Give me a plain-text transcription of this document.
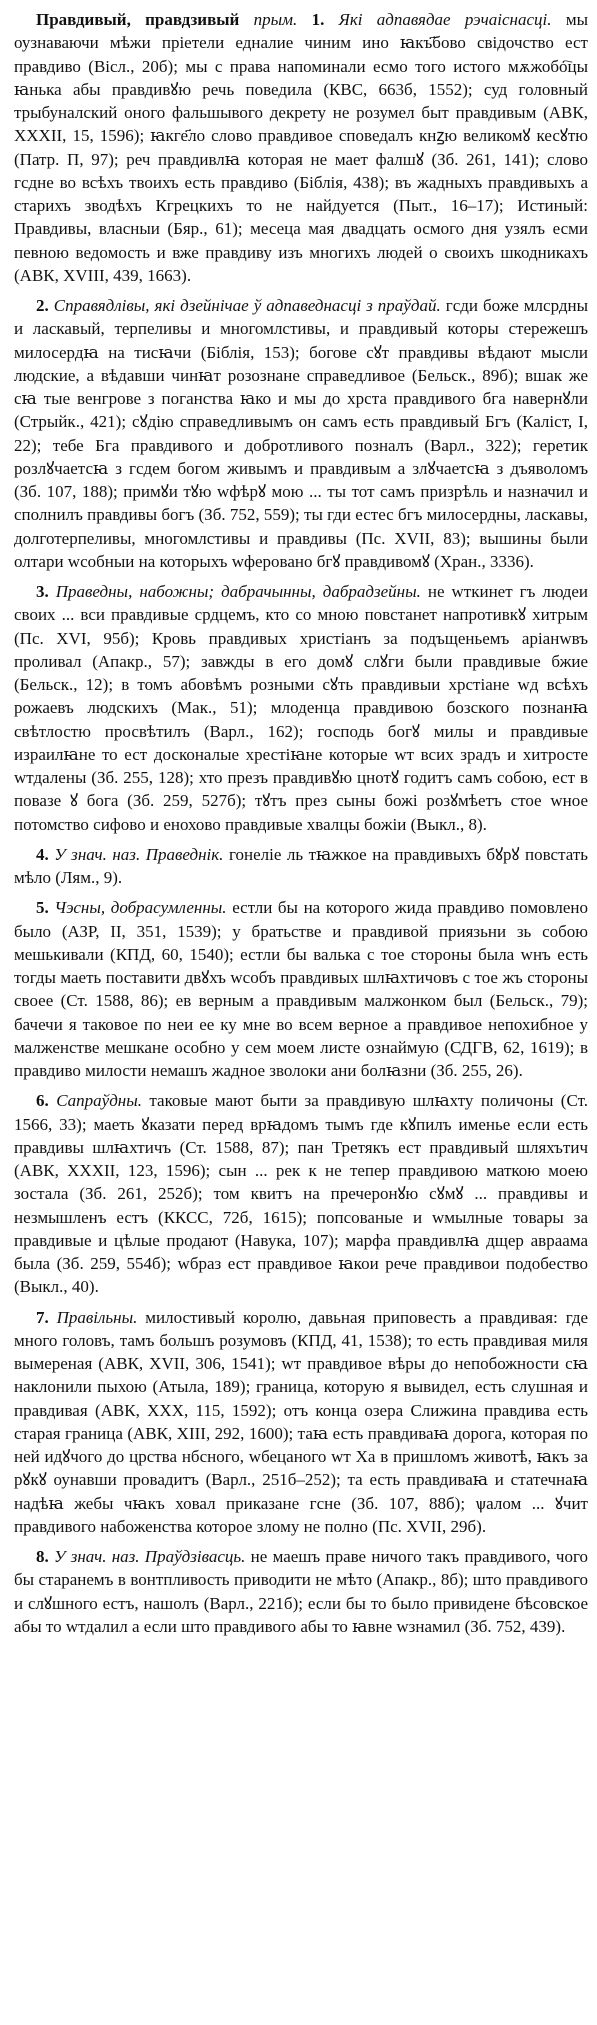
Правдивый, правдзивый прым. 1. Які адпавядае рэчаіснасці. мы оузнаваючи мѣжи прiетели едналие чиним ино ꙗкъ҃бово свідочство ест правдиво (Вісл., 20б); мы с права напоминали есмо того истого мѫжобо҇цы ꙗнька абы правдивꙋю речь поведила (КВС, 663б, 1552); суд головный трыбуналский оного фальшывого декрету не розумел быт правдивым (АВК, XXXII, 15, 1596); ꙗкге҃ло слово правдивое споведалъ кнꙁю великомꙋ кесꙋтю (Патр. П, 97); реч правдивлꙗ которая не мает фалшꙋ (Зб. 261, 141); слово гсдне во всѣхъ твоихъ есть правдиво (Біблія, 438); въ жадныхъ правдивыхъ а старихъ зводѣхъ Кгрецкихъ то не найдуется (Пыт., 16–17); Истиный: Правдивы, власныи (Бяр., 61); месеца мая двадцать осмого дня узялъ есми певною ведомость и вже правдиву изъ многихъ людей о своихъ шкодникахъ (АВК, XVIII, 439, 1663).

2. Справядлівы, які дзейнічае ў адпаведнасці з праўдай. гсди боже млсрдны и ласкавый, терпеливы и многомлстивы, и правдивый которы стережешъ милосердꙗ на тисꙗчи (Біблія, 153); богове сꙋт правдивы вѣдают мысли людские, а вѣдавши чинꙗт розознане справедливое (Бельск., 89б); вшак же сꙗ тые венгрове з поганства ꙗко и мы до хрста правдивого бга навернꙋли (Стрыйк., 421); сꙋдію справедливымъ он самъ есть правдивый Бгъ (Каліст, I, 22); тебе Бга правдивого и добротливого позналъ (Варл., 322); геретик розлꙋчаетсꙗ з гсдем богом живымъ и правдивым а злꙋчаетсꙗ з дъяволомъ (Зб. 107, 188); примꙋи тꙋю wфѣрꙋ мою ... ты тот самъ призрѣль и назначил и сполнилъ правдивы богъ (Зб. 752, 559); ты гди естес бгъ милосердны, ласкавы, долготерпеливы, многомлстивы и правдивы (Пс. XVII, 83); вышины были олтари wсобныи на которыхъ wферовано бгꙋ правдивомꙋ (Хран., 3336).

3. Праведны, набожны; дабрачынны, дабрадзейны. не wткинет гъ людеи своих ... вси правдивые срдцемъ, кто со мною повстанет напротивкꙋ хитрым (Пс. XVI, 95б); Кровь правдивых христіанъ за подъщеньемъ аріанwвъ проливал (Апакр., 57); завжды в его домꙋ слꙋги были правдивые бжие (Бельск., 12); в томъ абовѣмъ розными сꙋть правдивыи хрстіане wд всѣхъ рожаевъ людскихъ (Мак., 51); млоденца правдивою бозского познанꙗ свѣтлостю просвѣтилъ (Варл., 162); господь богꙋ милы и правдивые израилꙗне то ест досконалые хрестіꙗне которые wт всих зрадъ и хитросте wтдалены (Зб. 255, 128); хто презъ правдивꙋю цнотꙋ годитъ самъ собою, ест в повазе ꙋ бога (Зб. 259, 527б); тꙋтъ през сыны божі розꙋмѣетъ стое wное потомство сифово и енохово правдивые хвалцы божіи (Выкл., 8).

4. У знач. наз. Праведнік. гонеліе ль тꙗжкое на правдивыхъ бꙋрꙋ повстать мѣло (Лям., 9).

5. Чэсны, добрасумленны. естли бы на которого жида правдиво помовлено было (АЗР, II, 351, 1539); у братьстве и правдивой приязьни зь собою мешькивали (КПД, 60, 1540); естли бы валька с тое стороны была wнъ есть тогды маеть поставити двꙋхъ wсобъ правдивых шлꙗхтичовъ с тое жъ стороны своее (Ст. 1588, 86); ев верным а правдивым малжонком был (Бельск., 79); бачечи я таковое по неи ее ку мне во всем верное а правдивое непохибное у малженстве мешкане особно у сем моем листе ознаймую (СДГВ, 62, 1619); в правдиво милости немашъ жадное зволоки ани болꙗзни (Зб. 255, 26).

6. Сапраўдны. таковые мают быти за правдивую шлꙗхту поличоны (Ст. 1566, 33); маеть ꙋказати перед врꙗдомъ тымъ где кꙋпилъ именье если есть правдивы шлꙗхтичъ (Ст. 1588, 87); пан Третякъ ест правдивый шляхътич (АВК, XXXII, 123, 1596); сын ... рек к не тепер правдивою маткою моею зостала (Зб. 261, 252б); том квитъ на пречеронꙋю сꙋмꙋ ... правдивы и незмышленъ естъ (ККСС, 72б, 1615); попсованые и wмылные товары за правдивые и цѣлые продают (Навука, 107); марфа правдивлꙗ дщер авраама была (Зб. 259, 554б); wбраз ест правдивое ꙗкои рече правдивои подобество (Выкл., 40).

7. Правільны. милостивый королю, давьная приповесть а правдивая: где много головъ, тамъ большъ розумовъ (КПД, 41, 1538); то есть правдивая миля вымереная (АВК, XVII, 306, 1541); wт правдивое вѣры до непобожности сꙗ наклонили пыхою (Атыла, 189); граница, которую я вывидел, есть слушная и правдивая (АВК, XXX, 115, 1592); отъ конца озера Слижина правдива есть старая граница (АВК, XIII, 292, 1600); таꙗ есть правдиваꙗ дорога, которая по ней идꙋчого до црства нбсного, wбецаного wт Ха в пришломъ животѣ, ꙗкъ за рꙋкꙋ оунавши провадитъ (Варл., 251б–252); та есть правдиваꙗ и статечнаꙗ надѣꙗ жебы чꙗкъ ховал приказане гсне (Зб. 107, 88б); ѱалом ... ꙋчит правдивого набоженства которое злому не полно (Пс. XVII, 29б).

8. У знач. наз. Праўдзівасць. не маешъ праве ничого такъ правдивого, чого бы старанемъ в вонтпливость приводити не мѣто (Апакр., 8б); што правдивого и слꙋшного естъ, нашолъ (Варл., 221б); если бы то было привидене бѣсовское абы то wтдалил а если што правдивого абы то ꙗвне wзнамил (Зб. 752, 439).
